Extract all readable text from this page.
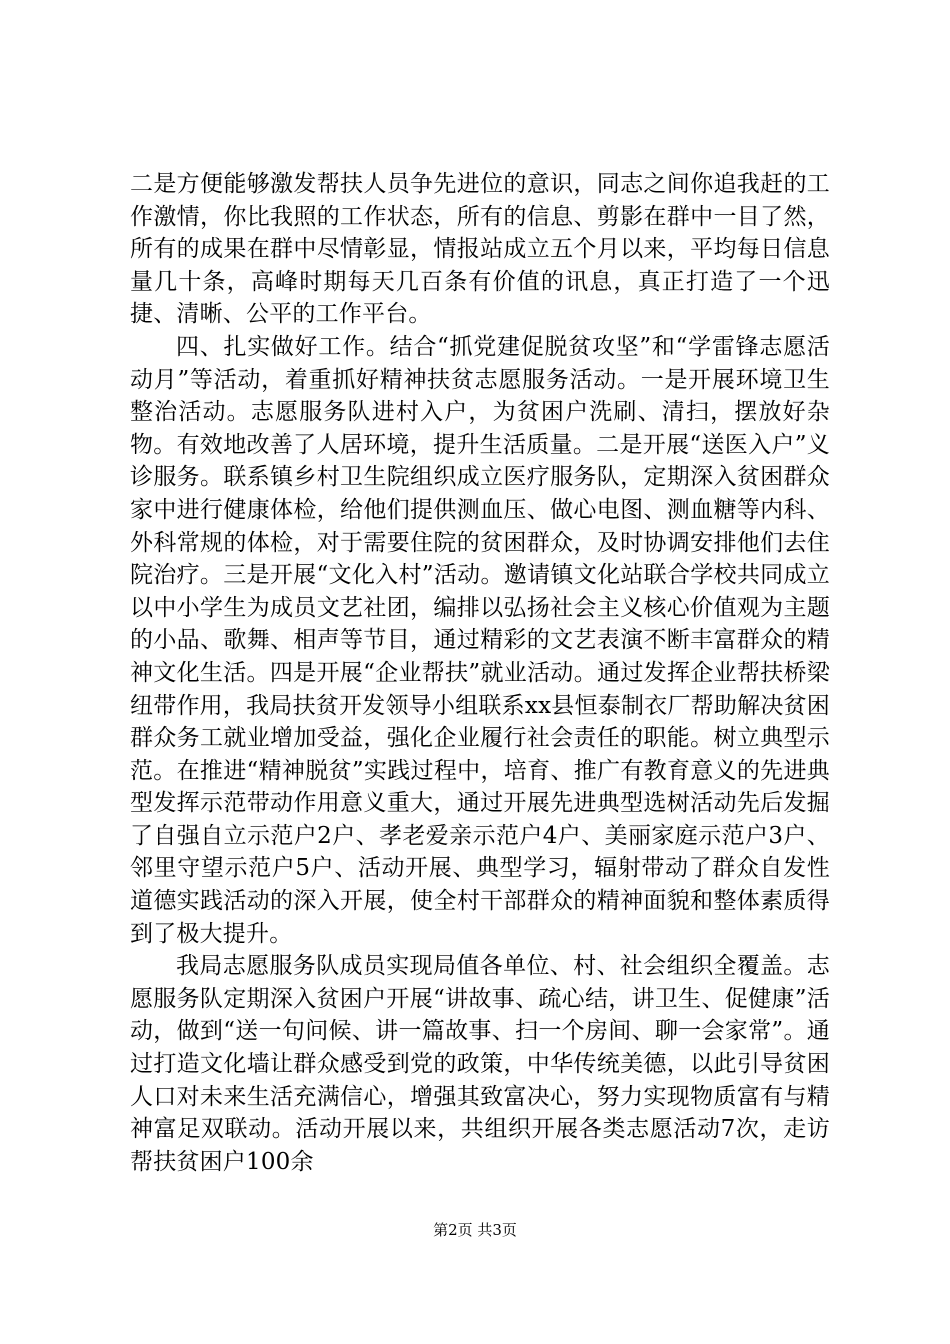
二是方便能够激发帮扶人员争先进位的意识，同志之间你追我赶的工作激情，你比我照的工作状态，所有的信息、剪影在群中一目了然，所有的成果在群中尽情彰显，情报站成立五个月以来，平均每日信息量几十条，高峰时期每天几百条有价值的讯息，真正打造了一个迅捷、清晰、公平的工作平台。

四、扎实做好工作。结合“抓党建促脱贫攻坚”和“学雷锋志愿活动月”等活动，着重抓好精神扶贫志愿服务活动。一是开展环境卫生整治活动。志愿服务队进村入户，为贫困户洗刷、清扫，摆放好杂物。有效地改善了人居环境，提升生活质量。二是开展“送医入户”义诊服务。联系镇乡村卫生院组织成立医疗服务队，定期深入贫困群众家中进行健康体检，给他们提供测血压、做心电图、测血糖等内科、外科常规的体检，对于需要住院的贫困群众，及时协调安排他们去住院治疗。三是开展“文化入村”活动。邀请镇文化站联合学校共同成立以中小学生为成员文艺社团，编排以弘扬社会主义核心价值观为主题的小品、歌舞、相声等节目，通过精彩的文艺表演不断丰富群众的精神文化生活。四是开展“企业帮扶”就业活动。通过发挥企业帮扶桥梁纽带作用，我局扶贫开发领导小组联系xx县恒泰制衣厂帮助解决贫困群众务工就业增加受益，强化企业履行社会责任的职能。树立典型示范。在推进“精神脱贫”实践过程中，培育、推广有教育意义的先进典型发挥示范带动作用意义重大，通过开展先进典型选树活动先后发掘了自强自立示范户2户、孝老爱亲示范户4户、美丽家庭示范户3户、邻里守望示范户5户、活动开展、典型学习，辐射带动了群众自发性道德实践活动的深入开展，使全村干部群众的精神面貌和整体素质得到了极大提升。

我局志愿服务队成员实现局值各单位、村、社会组织全覆盖。志愿服务队定期深入贫困户开展“讲故事、疏心结，讲卫生、促健康”活动，做到“送一句问候、讲一篇故事、扫一个房间、聊一会家常”。通过打造文化墙让群众感受到党的政策，中华传统美德，以此引导贫困人口对未来生活充满信心，增强其致富决心，努力实现物质富有与精神富足双联动。活动开展以来，共组织开展各类志愿活动7次，走访帮扶贫困户100余

第2页 共3页
